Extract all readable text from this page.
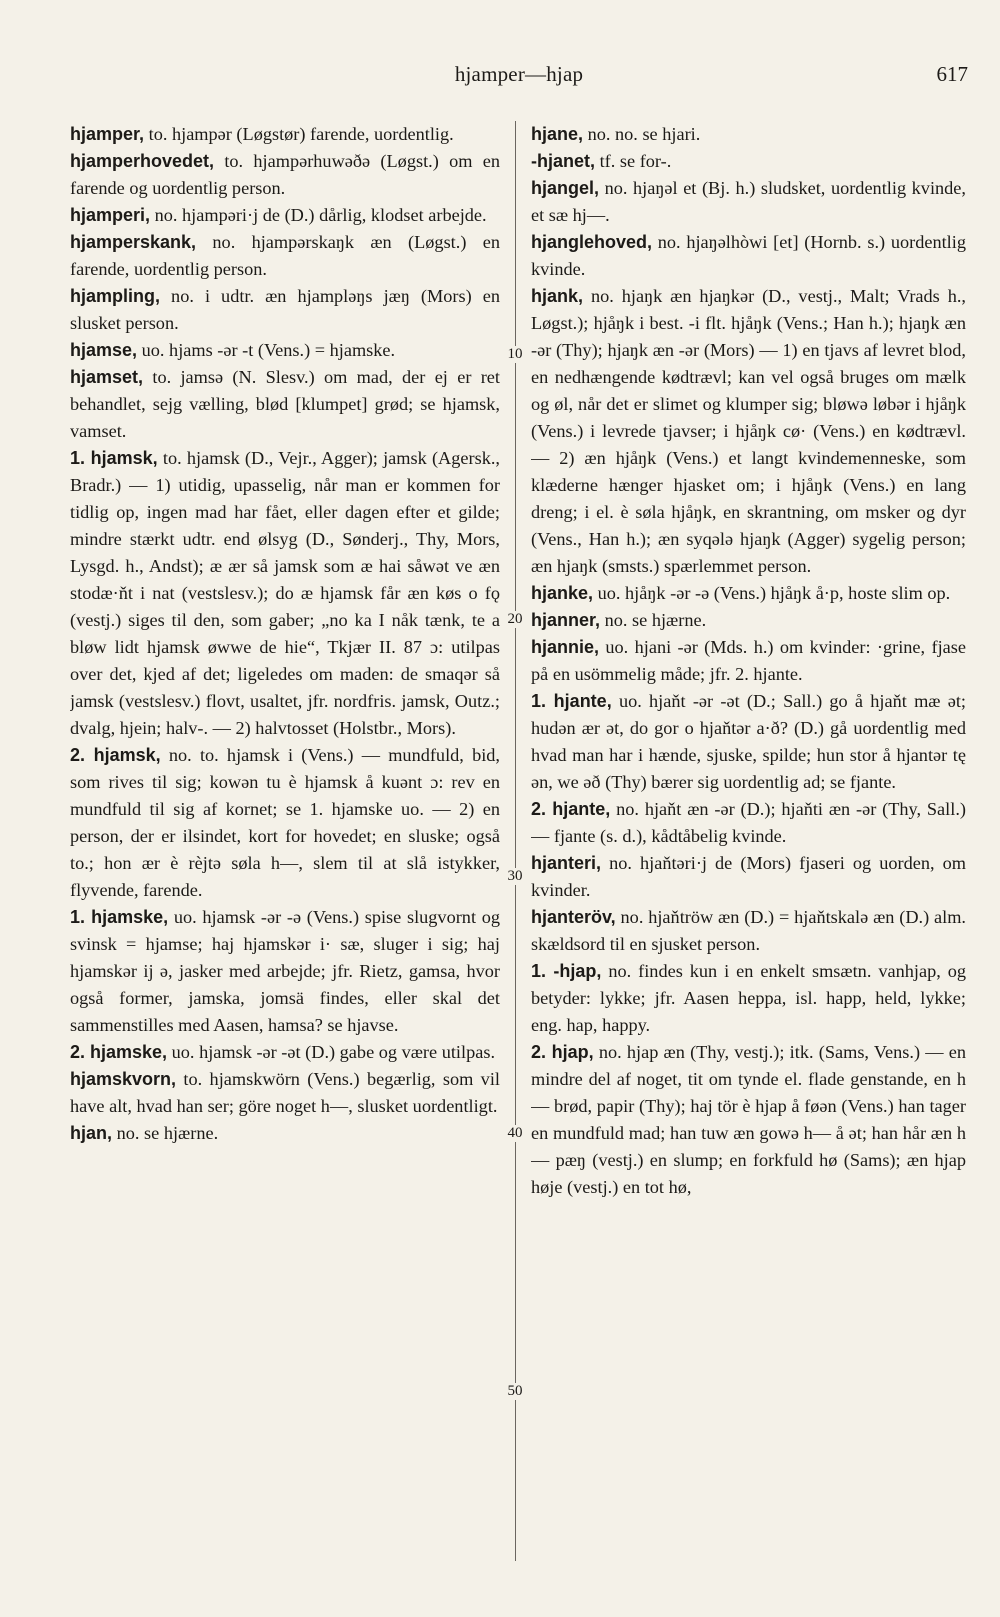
hjamper—hjap	617

hjamper, to. hjampər (Løgstør) farende, uordentlig.

hjamperhovedet, to. hjampərhuwəðə (Løgst.) om en farende og uordentlig person.

hjamperi, no. hjampəri·j de (D.) dårlig, klodset arbejde.

hjamperskank, no. hjampərskaŋk æn (Løgst.) en farende, uordentlig person.

hjampling, no. i udtr. æn hjampləŋs jæŋ (Mors) en slusket person.

hjamse, uo. hjams -ər -t (Vens.) = hjamske.

hjamset, to. jamsə (N. Slesv.) om mad, der ej er ret behandlet, sejg vælling, blød [klumpet] grød; se hjamsk, vamset.

1. hjamsk, to. hjamsk (D., Vejr., Agger); jamsk (Agersk., Bradr.) — 1) utidig, upasselig, når man er kommen for tidlig op, ingen mad har fået, eller dagen efter et gilde; mindre stærkt udtr. end ølsyg (D., Sønderj., Thy, Mors, Lysgd. h., Andst); æ ær så jamsk som æ hai såwət ve æn stodæ·ňt i nat (vestslesv.); do æ hjamsk får æn køs o fǫ (vestj.) siges til den, som gaber; „no ka I nåk tænk, te a bløw lidt hjamsk øwwe de hie“, Tkjær II. 87 ɔ: utilpas over det, kjed af det; ligeledes om maden: de smaqər så jamsk (vestslesv.) flovt, usaltet, jfr. nordfris. jamsk, Outz.; dvalg, hjein; halv-. — 2) halvtosset (Holstbr., Mors).

2. hjamsk, no. to. hjamsk i (Vens.) — mundfuld, bid, som rives til sig; kowən tu è hjamsk å kuənt ɔ: rev en mundfuld til sig af kornet; se 1. hjamske uo. — 2) en person, der er ilsindet, kort for hovedet; en sluske; også to.; hon ær è rèjtə søla h—, slem til at slå istykker, flyvende, farende.

1. hjamske, uo. hjamsk -ər -ə (Vens.) spise slugvornt og svinsk = hjamse; haj hjamskər i· sæ, sluger i sig; haj hjamskər ij ə, jasker med arbejde; jfr. Rietz, gamsa, hvor også former, jamska, jomsä findes, eller skal det sammenstilles med Aasen, hamsa? se hjavse.

2. hjamske, uo. hjamsk -ər -ət (D.) gabe og være utilpas.

hjamskvorn, to. hjamskwörn (Vens.) begærlig, som vil have alt, hvad han ser; göre noget h—, slusket uordentligt.

hjan, no. se hjærne.

hjane, no. no. se hjari.

-hjanet, tf. se for-.

hjangel, no. hjaŋəl et (Bj. h.) sludsket, uordentlig kvinde, et sæ hj—.

hjanglehoved, no. hjaŋəlhòwi [et] (Hornb. s.) uordentlig kvinde.

hjank, no. hjaŋk æn hjaŋkər (D., vestj., Malt; Vrads h., Løgst.); hjåŋk i best. -i flt. hjåŋk (Vens.; Han h.); hjaŋk æn -ər (Thy); hjaŋk æn -ər (Mors) — 1) en tjavs af levret blod, en nedhængende kødtrævl; kan vel også bruges om mælk og øl, når det er slimet og klumper sig; bløwə løbər i hjåŋk (Vens.) i levrede tjavser; i hjåŋk cø· (Vens.) en kødtrævl. — 2) æn hjåŋk (Vens.) et langt kvindemenneske, som klæderne hænger hjasket om; i hjåŋk (Vens.) en lang dreng; i el. è søla hjåŋk, en skrantning, om msker og dyr (Vens., Han h.); æn syqələ hjaŋk (Agger) sygelig person; æn hjaŋk (smsts.) spærlemmet person.

hjanke, uo. hjåŋk -ər -ə (Vens.) hjåŋk å·p, hoste slim op.

hjanner, no. se hjærne.

hjannie, uo. hjani -ər (Mds. h.) om kvinder: ·grine, fjase på en usömmelig måde; jfr. 2. hjante.

1. hjante, uo. hjaňt -ər -ət (D.; Sall.) go å hjaňt mæ ət; hudən ær ət, do gor o hjaňtər a·ð? (D.) gå uordentlig med hvad man har i hænde, sjuske, spilde; hun stor å hjantər tę ən, we əð (Thy) bærer sig uordentlig ad; se fjante.

2. hjante, no. hjaňt æn -ər (D.); hjaňti æn -ər (Thy, Sall.) — fjante (s. d.), kådtåbelig kvinde.

hjanteri, no. hjaňtəri·j de (Mors) fjaseri og uorden, om kvinder.

hjanteröv, no. hjaňtröw æn (D.) = hjaňtskalə æn (D.) alm. skældsord til en sjusket person.

1. -hjap, no. findes kun i en enkelt smsætn. vanhjap, og betyder: lykke; jfr. Aasen heppa, isl. happ, held, lykke; eng. hap, happy.

2. hjap, no. hjap æn (Thy, vestj.); itk. (Sams, Vens.) — en mindre del af noget, tit om tynde el. flade genstande, en h— brød, papir (Thy); haj tör è hjap å føən (Vens.) han tager en mundfuld mad; han tuw æn gowə h— å ət; han hår æn h— pæŋ (vestj.) en slump; en forkfuld hø (Sams); æn hjap høje (vestj.) en tot hø,

10
20
30
40
50
